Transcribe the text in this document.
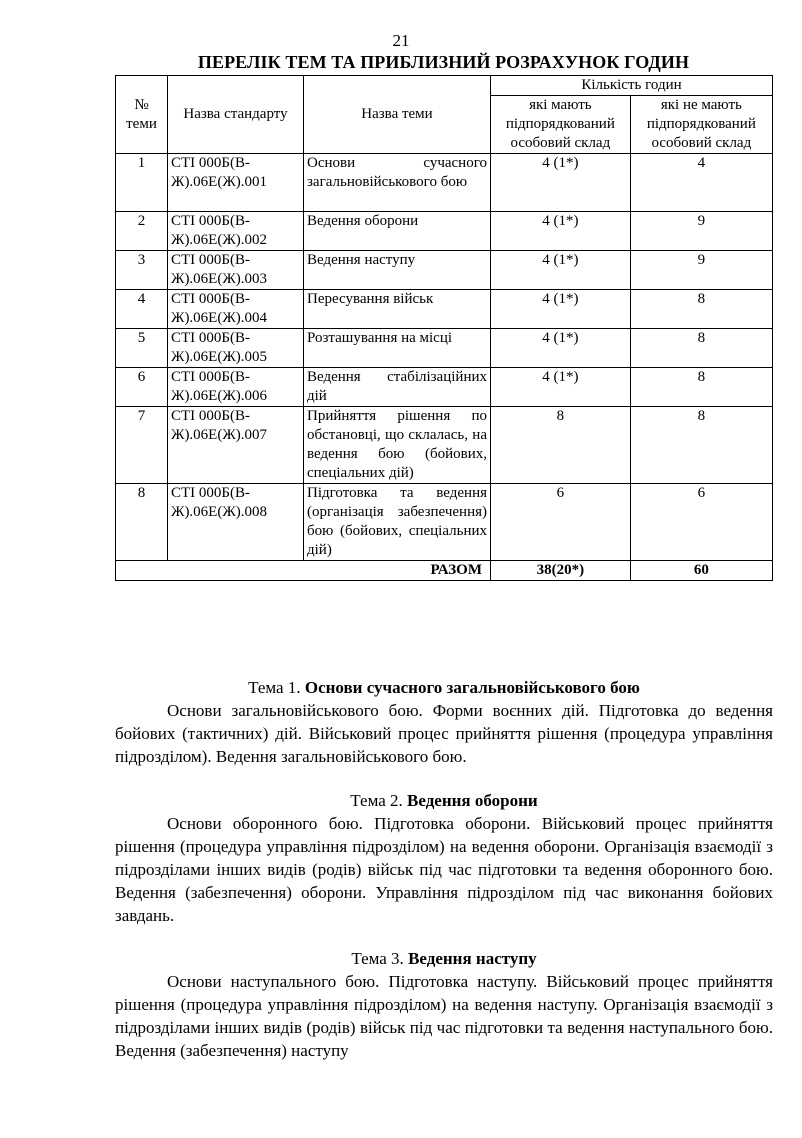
21
ПЕРЕЛІК ТЕМ ТА ПРИБЛИЗНИЙ РОЗРАХУНОК ГОДИН
№ теми	Назва стандарту	Назва теми	Кількість годин	
			які мають підпорядкований особовий склад	які не мають підпорядкований особовий склад
1	СТІ 000Б(В-Ж).06Е(Ж).001	Основи сучасного загальновійськового бою	4 (1*)	4
2	СТІ 000Б(В-Ж).06Е(Ж).002	Ведення оборони	4 (1*)	9
3	СТІ 000Б(В-Ж).06Е(Ж).003	Ведення наступу	4 (1*)	9
4	СТІ 000Б(В-Ж).06Е(Ж).004	Пересування військ	4 (1*)	8
5	СТІ 000Б(В-Ж).06Е(Ж).005	Розташування на місці	4 (1*)	8
6	СТІ 000Б(В-Ж).06Е(Ж).006	Ведення стабілізаційних дій	4 (1*)	8
7	СТІ 000Б(В-Ж).06Е(Ж).007	Прийняття рішення по обстановці, що склалась, на ведення бою (бойових, спеціальних дій)	8	8
8	СТІ 000Б(В-Ж).06Е(Ж).008	Підготовка та ведення (організація забезпечення) бою (бойових, спеціальних дій)	6	6
РАЗОМ			38(20*)	60
Тема 1. Основи сучасного загальновійськового бою
Основи загальновійськового бою. Форми воєнних дій. Підготовка до ведення бойових (тактичних) дій. Військовий процес прийняття рішення (процедура управління підрозділом). Ведення загальновійськового бою.
Тема 2. Ведення оборони
Основи оборонного бою. Підготовка оборони. Військовий процес прийняття рішення (процедура управління підрозділом) на ведення оборони. Організація взаємодії з підрозділами інших видів (родів) військ під час підготовки та ведення оборонного бою. Ведення (забезпечення) оборони. Управління підрозділом під час виконання бойових завдань.
Тема 3. Ведення наступу
Основи наступального бою. Підготовка наступу. Військовий процес прийняття рішення (процедура управління підрозділом) на ведення наступу. Організація взаємодії з підрозділами інших видів (родів) військ під час підготовки та ведення наступального бою. Ведення (забезпечення) наступу
